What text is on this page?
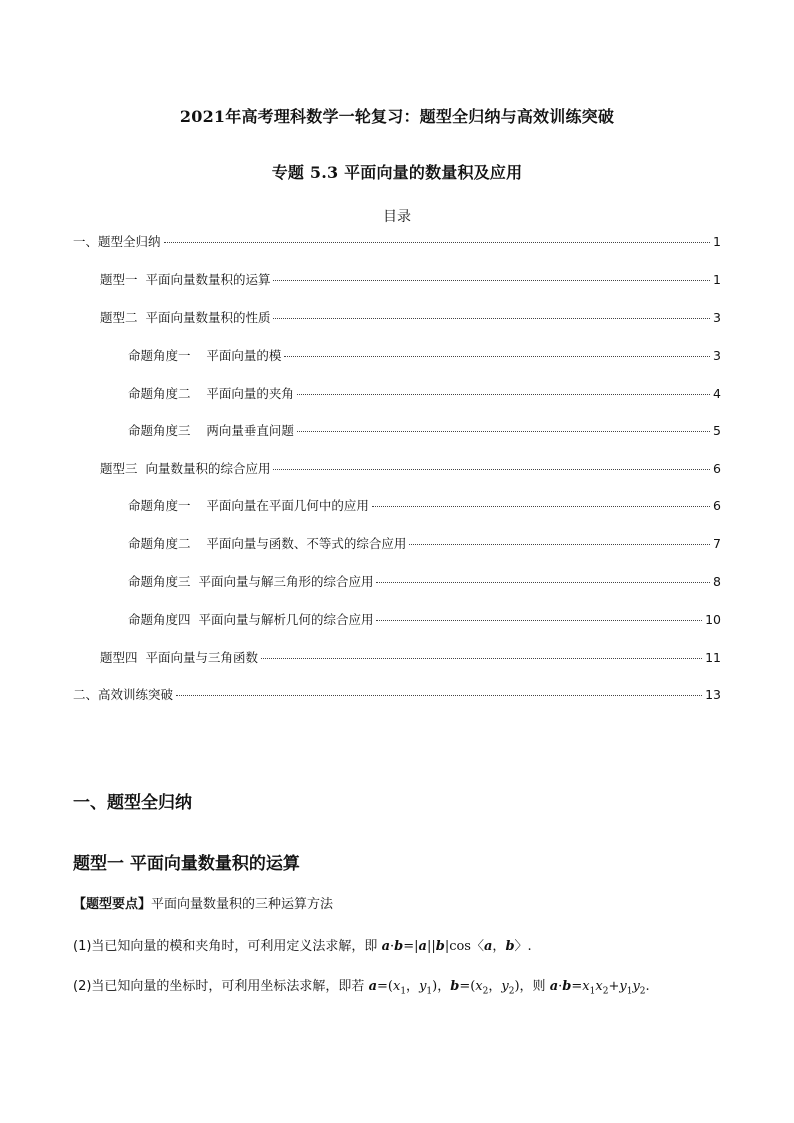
2021年高考理科数学一轮复习：题型全归纳与高效训练突破
专题 5.3 平面向量的数量积及应用
目录
一、题型全归纳	1
题型一  平面向量数量积的运算	1
题型二  平面向量数量积的性质	3
命题角度一    平面向量的模	3
命题角度二    平面向量的夹角	4
命题角度三    两向量垂直问题	5
题型三  向量数量积的综合应用	6
命题角度一    平面向量在平面几何中的应用	6
命题角度二    平面向量与函数、不等式的综合应用	7
命题角度三  平面向量与解三角形的综合应用	8
命题角度四  平面向量与解析几何的综合应用	10
题型四  平面向量与三角函数	11
二、高效训练突破	13
一、题型全归纳
题型一 平面向量数量积的运算
【题型要点】平面向量数量积的三种运算方法
(1)当已知向量的模和夹角时，可利用定义法求解，即 a·b=|a||b|cos〈a，b〉.
(2)当已知向量的坐标时，可利用坐标法求解，即若 $a=(x_1$，$y_1$)，$b=(x_2$，$y_2$)，则 $a\cdot b=x_1x_2+y_1y_2$.
